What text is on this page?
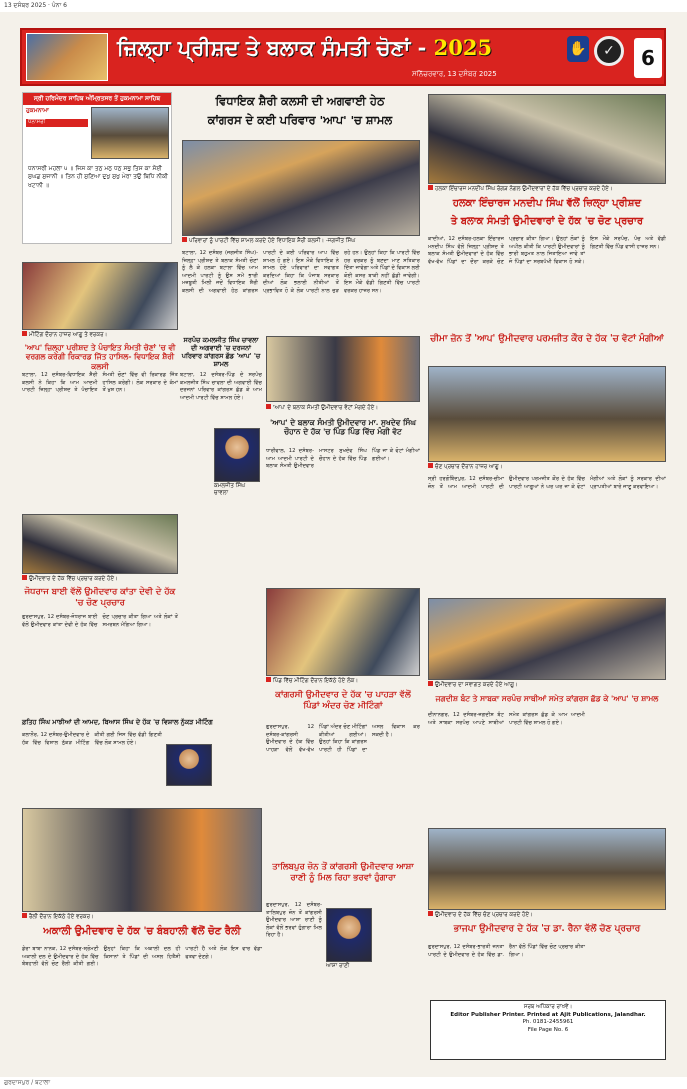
13 ਦਸੰਬਰ 2025 · ਪੰਨਾ 6
ਜ਼ਿਲ੍ਹਾ ਪ੍ਰੀਸ਼ਦ ਤੇ ਬਲਾਕ ਸੰਮਤੀ ਚੋਣਾਂ - 2025
ਸਨਿੱਚਰਵਾਰ, 13 ਦਸੰਬਰ 2025
✋	✓	6
ਸ੍ਰੀ ਹਰਿਮੰਦਰ ਸਾਹਿਬ ਅੰਮ੍ਰਿਤਸਰ ਤੋਂ ਹੁਕਮਨਾਮਾ ਸਾਹਿਬ
ਹੁਕਮਨਾਮਾ
ਧਨਾਸਰੀ
ਧਨਾਸਰੀ ਮਹਲਾ ੫ ॥ ਜਿਸ ਕਾ ਤਨੁ ਮਨੁ ਧਨੁ ਸਭੁ ਤਿਸ ਕਾ ਸੋਈ ਸੁਘੜੁ ਸੁਜਾਨੀ ॥ ਤਿਨ ਹੀ ਸੁਣਿਆ ਦੁਖੁ ਸੁਖੁ ਮੇਰਾ ਤਉ ਬਿਧਿ ਨੀਕੀ ਖਟਾਨੀ ॥
ਵਿਧਾਇਕ ਸ਼ੈਰੀ ਕਲਸੀ ਦੀ ਅਗਵਾਈ ਹੇਠ
ਕਾਂਗਰਸ ਦੇ ਕਈ ਪਰਿਵਾਰ 'ਆਪ' 'ਚ ਸ਼ਾਮਲ
ਪਰਿਵਾਰਾਂ ਨੂੰ ਪਾਰਟੀ ਵਿੱਚ ਸ਼ਾਮਲ ਕਰਦੇ ਹੋਏ ਵਿਧਾਇਕ ਸ਼ੈਰੀ ਕਲਸੀ। -ਜਗਜੀਤ ਸਿੰਘ
ਬਟਾਲਾ, 12 ਦਸੰਬਰ (ਜਗਜੀਤ ਸਿੰਘ)-ਜ਼ਿਲ੍ਹਾ ਪ੍ਰੀਸ਼ਦ ਤੇ ਬਲਾਕ ਸੰਮਤੀ ਚੋਣਾਂ ਨੂੰ ਲੈ ਕੇ ਹਲਕਾ ਬਟਾਲਾ ਵਿੱਚ ਆਮ ਆਦਮੀ ਪਾਰਟੀ ਨੂੰ ਉਸ ਸਮੇਂ ਭਾਰੀ ਮਜ਼ਬੂਤੀ ਮਿਲੀ ਜਦੋਂ ਵਿਧਾਇਕ ਸ਼ੈਰੀ ਕਲਸੀ ਦੀ ਅਗਵਾਈ ਹੇਠ ਕਾਂਗਰਸ ਪਾਰਟੀ ਦੇ ਕਈ ਪਰਿਵਾਰ ਆਪ ਵਿੱਚ ਸ਼ਾਮਲ ਹੋ ਗਏ। ਇਸ ਮੌਕੇ ਵਿਧਾਇਕ ਨੇ ਸ਼ਾਮਲ ਹੋਏ ਪਰਿਵਾਰਾਂ ਦਾ ਸਵਾਗਤ ਕਰਦਿਆਂ ਕਿਹਾ ਕਿ ਪੰਜਾਬ ਸਰਕਾਰ ਦੀਆਂ ਲੋਕ ਭਲਾਈ ਨੀਤੀਆਂ ਤੋਂ ਪ੍ਰਭਾਵਿਤ ਹੋ ਕੇ ਲੋਕ ਪਾਰਟੀ ਨਾਲ ਜੁੜ ਰਹੇ ਹਨ। ਉਨ੍ਹਾਂ ਕਿਹਾ ਕਿ ਪਾਰਟੀ ਵਿੱਚ ਹਰ ਵਰਕਰ ਨੂੰ ਬਣਦਾ ਮਾਣ ਸਤਿਕਾਰ ਦਿੱਤਾ ਜਾਵੇਗਾ ਅਤੇ ਪਿੰਡਾਂ ਦੇ ਵਿਕਾਸ ਲਈ ਕੋਈ ਕਸਰ ਬਾਕੀ ਨਹੀਂ ਛੱਡੀ ਜਾਵੇਗੀ। ਇਸ ਮੌਕੇ ਵੱਡੀ ਗਿਣਤੀ ਵਿੱਚ ਪਾਰਟੀ ਵਰਕਰ ਹਾਜ਼ਰ ਸਨ।
ਹਲਕਾ ਇੰਚਾਰਜ ਮਨਦੀਪ ਸਿੰਘ ਰੰਗੜ ਨੰਗਲ ਉਮੀਦਵਾਰਾਂ ਦੇ ਹੱਕ ਵਿੱਚ ਪ੍ਰਚਾਰ ਕਰਦੇ ਹੋਏ।
ਹਲਕਾ ਇੰਚਾਰਜ ਮਨਦੀਪ ਸਿੰਘ ਵੱਲੋਂ ਜ਼ਿਲ੍ਹਾ ਪ੍ਰੀਸ਼ਦ
ਤੇ ਬਲਾਕ ਸੰਮਤੀ ਉਮੀਦਵਾਰਾਂ ਦੇ ਹੱਕ 'ਚ ਚੋਣ ਪ੍ਰਚਾਰ
ਕਾਦੀਆਂ, 12 ਦਸੰਬਰ-ਹਲਕਾ ਇੰਚਾਰਜ ਮਨਦੀਪ ਸਿੰਘ ਵੱਲੋਂ ਜ਼ਿਲ੍ਹਾ ਪ੍ਰੀਸ਼ਦ ਤੇ ਬਲਾਕ ਸੰਮਤੀ ਉਮੀਦਵਾਰਾਂ ਦੇ ਹੱਕ ਵਿੱਚ ਵੱਖ-ਵੱਖ ਪਿੰਡਾਂ ਦਾ ਦੌਰਾ ਕਰਕੇ ਚੋਣ ਪ੍ਰਚਾਰ ਕੀਤਾ ਗਿਆ। ਉਨ੍ਹਾਂ ਲੋਕਾਂ ਨੂੰ ਅਪੀਲ ਕੀਤੀ ਕਿ ਪਾਰਟੀ ਉਮੀਦਵਾਰਾਂ ਨੂੰ ਭਾਰੀ ਬਹੁਮਤ ਨਾਲ ਜਿਤਾਇਆ ਜਾਵੇ ਤਾਂ ਜੋ ਪਿੰਡਾਂ ਦਾ ਸਰਬਪੱਖੀ ਵਿਕਾਸ ਹੋ ਸਕੇ। ਇਸ ਮੌਕੇ ਸਰਪੰਚ, ਪੰਚ ਅਤੇ ਵੱਡੀ ਗਿਣਤੀ ਵਿੱਚ ਪਿੰਡ ਵਾਸੀ ਹਾਜ਼ਰ ਸਨ।
ਮੀਟਿੰਗ ਦੌਰਾਨ ਹਾਜ਼ਰ ਆਗੂ ਤੇ ਵਰਕਰ।
'ਆਪ' ਜ਼ਿਲ੍ਹਾ ਪ੍ਰੀਸ਼ਦ ਤੇ ਪੰਚਾਇਤ ਸੰਮਤੀ ਚੋਣਾਂ 'ਚ ਵੀ ਵਰਗਲ ਕਰੇਗੀ ਰਿਕਾਰਡ ਜਿੱਤ ਹਾਸਿਲ- ਵਿਧਾਇਕ ਸ਼ੈਰੀ ਕਲਸੀ
ਬਟਾਲਾ, 12 ਦਸੰਬਰ-ਵਿਧਾਇਕ ਸ਼ੈਰੀ ਕਲਸੀ ਨੇ ਕਿਹਾ ਕਿ ਆਮ ਆਦਮੀ ਪਾਰਟੀ ਜ਼ਿਲ੍ਹਾ ਪ੍ਰੀਸ਼ਦ ਤੇ ਪੰਚਾਇਤ ਸੰਮਤੀ ਚੋਣਾਂ ਵਿੱਚ ਵੀ ਰਿਕਾਰਡ ਜਿੱਤ ਹਾਸਿਲ ਕਰੇਗੀ। ਲੋਕ ਸਰਕਾਰ ਦੇ ਕੰਮਾਂ ਤੋਂ ਖੁਸ਼ ਹਨ।
ਸਰਪੰਚ ਕਮਲਜੀਤ ਸਿੰਘ ਚਾਵਲਾ ਦੀ ਅਗਵਾਈ 'ਚ ਦਰਜਨਾਂ ਪਰਿਵਾਰ ਕਾਂਗਰਸ ਛੱਡ 'ਆਪ' 'ਚ ਸ਼ਾਮਲ
ਕਮਲਜੀਤ ਸਿੰਘ ਚਾਵਲਾ
ਬਟਾਲਾ, 12 ਦਸੰਬਰ-ਪਿੰਡ ਦੇ ਸਰਪੰਚ ਕਮਲਜੀਤ ਸਿੰਘ ਚਾਵਲਾ ਦੀ ਅਗਵਾਈ ਵਿੱਚ ਦਰਜਨਾਂ ਪਰਿਵਾਰ ਕਾਂਗਰਸ ਛੱਡ ਕੇ ਆਮ ਆਦਮੀ ਪਾਰਟੀ ਵਿੱਚ ਸ਼ਾਮਲ ਹੋਏ।
'ਆਪ' ਦੇ ਬਲਾਕ ਸੰਮਤੀ ਉਮੀਦਵਾਰ ਵੋਟਾਂ ਮੰਗਦੇ ਹੋਏ।
'ਆਪ' ਦੇ ਬਲਾਕ ਸੰਮਤੀ ਉਮੀਦਵਾਰ ਮਾ. ਸੁਖਦੇਵ ਸਿੰਘ ਚੌਹਾਨ ਦੇ ਹੱਕ 'ਚ ਪਿੰਡ ਪਿੰਡ ਵਿੱਚ ਮੰਗੀ ਵੋਟ
ਧਾਰੀਵਾਲ, 12 ਦਸੰਬਰ-ਆਮ ਆਦਮੀ ਪਾਰਟੀ ਦੇ ਬਲਾਕ ਸੰਮਤੀ ਉਮੀਦਵਾਰ ਮਾਸਟਰ ਸੁਖਦੇਵ ਸਿੰਘ ਚੌਹਾਨ ਦੇ ਹੱਕ ਵਿੱਚ ਪਿੰਡ ਪਿੰਡ ਜਾ ਕੇ ਵੋਟਾਂ ਮੰਗੀਆਂ ਗਈਆਂ।
ਚੀਮਾ ਜ਼ੋਨ ਤੋਂ 'ਆਪ' ਉਮੀਦਵਾਰ ਪਰਮਜੀਤ ਕੌਰ ਦੇ ਹੱਕ 'ਚ ਵੋਟਾਂ ਮੰਗੀਆਂ
ਚੋਣ ਪ੍ਰਚਾਰ ਦੌਰਾਨ ਹਾਜ਼ਰ ਆਗੂ।
ਸ੍ਰੀ ਹਰਗੋਬਿੰਦਪੁਰ, 12 ਦਸੰਬਰ-ਚੀਮਾ ਜ਼ੋਨ ਤੋਂ ਆਮ ਆਦਮੀ ਪਾਰਟੀ ਦੀ ਉਮੀਦਵਾਰ ਪਰਮਜੀਤ ਕੌਰ ਦੇ ਹੱਕ ਵਿੱਚ ਪਾਰਟੀ ਆਗੂਆਂ ਨੇ ਘਰ ਘਰ ਜਾ ਕੇ ਵੋਟਾਂ ਮੰਗੀਆਂ ਅਤੇ ਲੋਕਾਂ ਨੂੰ ਸਰਕਾਰ ਦੀਆਂ ਪ੍ਰਾਪਤੀਆਂ ਬਾਰੇ ਜਾਣੂ ਕਰਵਾਇਆ।
ਉਮੀਦਵਾਰ ਦੇ ਹੱਕ ਵਿੱਚ ਪ੍ਰਚਾਰ ਕਰਦੇ ਹੋਏ।
ਜੋਧਰਾਜ ਬਾਈ ਵੱਲੋਂ ਉਮੀਦਵਾਰ ਕਾਂਤਾ ਦੇਵੀ ਦੇ ਹੱਕ 'ਚ ਚੋਣ ਪ੍ਰਚਾਰ
ਗੁਰਦਾਸਪੁਰ, 12 ਦਸੰਬਰ-ਜੋਧਰਾਜ ਬਾਈ ਵੱਲੋਂ ਉਮੀਦਵਾਰ ਕਾਂਤਾ ਦੇਵੀ ਦੇ ਹੱਕ ਵਿੱਚ ਚੋਣ ਪ੍ਰਚਾਰ ਕੀਤਾ ਗਿਆ ਅਤੇ ਲੋਕਾਂ ਤੋਂ ਸਮਰਥਨ ਮੰਗਿਆ ਗਿਆ।
ਪਿੰਡ ਵਿੱਚ ਮੀਟਿੰਗ ਦੌਰਾਨ ਇਕੱਠੇ ਹੋਏ ਲੋਕ।
ਕਾਂਗਰਸੀ ਉਮੀਦਵਾਰ ਦੇ ਹੱਕ 'ਚ ਪਾਹੜਾ ਵੱਲੋਂ ਪਿੰਡਾਂ ਅੰਦਰ ਚੋਣ ਮੀਟਿੰਗਾਂ
ਗੁਰਦਾਸਪੁਰ, 12 ਦਸੰਬਰ-ਕਾਂਗਰਸੀ ਉਮੀਦਵਾਰ ਦੇ ਹੱਕ ਵਿੱਚ ਪਾਹੜਾ ਵੱਲੋਂ ਵੱਖ-ਵੱਖ ਪਿੰਡਾਂ ਅੰਦਰ ਚੋਣ ਮੀਟਿੰਗਾਂ ਕੀਤੀਆਂ ਗਈਆਂ। ਉਨ੍ਹਾਂ ਕਿਹਾ ਕਿ ਕਾਂਗਰਸ ਪਾਰਟੀ ਹੀ ਪਿੰਡਾਂ ਦਾ ਅਸਲ ਵਿਕਾਸ ਕਰ ਸਕਦੀ ਹੈ।
ਉਮੀਦਵਾਰ ਦਾ ਸਵਾਗਤ ਕਰਦੇ ਹੋਏ ਆਗੂ।
ਜਗਦੀਸ਼ ਬੰਟ ਤੇ ਸਾਬਕਾ ਸਰਪੰਚ ਸਾਥੀਆਂ ਸਮੇਤ ਕਾਂਗਰਸ ਛੱਡ ਕੇ 'ਆਪ' 'ਚ ਸ਼ਾਮਲ
ਦੀਨਾਨਗਰ, 12 ਦਸੰਬਰ-ਜਗਦੀਸ਼ ਬੰਟ ਅਤੇ ਸਾਬਕਾ ਸਰਪੰਚ ਆਪਣੇ ਸਾਥੀਆਂ ਸਮੇਤ ਕਾਂਗਰਸ ਛੱਡ ਕੇ ਆਮ ਆਦਮੀ ਪਾਰਟੀ ਵਿੱਚ ਸ਼ਾਮਲ ਹੋ ਗਏ।
ਫ਼ਤਿਹ ਸਿੰਘ ਮਾਝੀਆਂ ਦੀ ਆਮਦ, ਬਿਆਸ ਸਿੰਘ ਦੇ ਹੱਕ 'ਚ ਵਿਸ਼ਾਲ ਨੁੱਕੜ ਮੀਟਿੰਗ
ਕਲਾਨੌਰ, 12 ਦਸੰਬਰ-ਉਮੀਦਵਾਰ ਦੇ ਹੱਕ ਵਿੱਚ ਵਿਸ਼ਾਲ ਨੁੱਕੜ ਮੀਟਿੰਗ ਕੀਤੀ ਗਈ ਜਿਸ ਵਿੱਚ ਵੱਡੀ ਗਿਣਤੀ ਵਿੱਚ ਲੋਕ ਸ਼ਾਮਲ ਹੋਏ।
ਰੈਲੀ ਦੌਰਾਨ ਇਕੱਠੇ ਹੋਏ ਵਰਕਰ।
ਅਕਾਲੀ ਉਮੀਦਵਾਰ ਦੇ ਹੱਕ 'ਚ ਬੰਬਹਾਲੀ ਵੱਲੋਂ ਚੋਣ ਰੈਲੀ
ਡੇਰਾ ਬਾਬਾ ਨਾਨਕ, 12 ਦਸੰਬਰ-ਸ਼੍ਰੋਮਣੀ ਅਕਾਲੀ ਦਲ ਦੇ ਉਮੀਦਵਾਰ ਦੇ ਹੱਕ ਵਿੱਚ ਬੰਬਹਾਲੀ ਵੱਲੋਂ ਚੋਣ ਰੈਲੀ ਕੀਤੀ ਗਈ। ਉਨ੍ਹਾਂ ਕਿਹਾ ਕਿ ਅਕਾਲੀ ਦਲ ਹੀ ਕਿਸਾਨਾਂ ਤੇ ਪਿੰਡਾਂ ਦੀ ਅਸਲ ਹਿਤੈਸ਼ੀ ਪਾਰਟੀ ਹੈ ਅਤੇ ਲੋਕ ਇਸ ਵਾਰ ਵੱਡਾ ਫਤਵਾ ਦੇਣਗੇ।
ਤਾਲਿਬਪੁਰ ਜ਼ੋਨ ਤੋਂ ਕਾਂਗਰਸੀ ਉਮੀਦਵਾਰ ਆਸ਼ਾ ਰਾਣੀ ਨੂੰ ਮਿਲ ਰਿਹਾ ਭਰਵਾਂ ਹੁੰਗਾਰਾ
ਆਸ਼ਾ ਰਾਣੀ
ਗੁਰਦਾਸਪੁਰ, 12 ਦਸੰਬਰ-ਤਾਲਿਬਪੁਰ ਜ਼ੋਨ ਤੋਂ ਕਾਂਗਰਸੀ ਉਮੀਦਵਾਰ ਆਸ਼ਾ ਰਾਣੀ ਨੂੰ ਲੋਕਾਂ ਵੱਲੋਂ ਭਰਵਾਂ ਹੁੰਗਾਰਾ ਮਿਲ ਰਿਹਾ ਹੈ।
ਉਮੀਦਵਾਰ ਦੇ ਹੱਕ ਵਿੱਚ ਚੋਣ ਪ੍ਰਚਾਰ ਕਰਦੇ ਹੋਏ।
ਭਾਜਪਾ ਉਮੀਦਵਾਰ ਦੇ ਹੱਕ 'ਚ ਡਾ. ਰੈਨਾ ਵੱਲੋਂ ਚੋਣ ਪ੍ਰਚਾਰ
ਗੁਰਦਾਸਪੁਰ, 12 ਦਸੰਬਰ-ਭਾਰਤੀ ਜਨਤਾ ਪਾਰਟੀ ਦੇ ਉਮੀਦਵਾਰ ਦੇ ਹੱਕ ਵਿੱਚ ਡਾ. ਰੈਨਾ ਵੱਲੋਂ ਪਿੰਡਾਂ ਵਿੱਚ ਚੋਣ ਪ੍ਰਚਾਰ ਕੀਤਾ ਗਿਆ।
ਸਰਬ ਅਧਿਕਾਰ ਰਾਖਵੇਂ।
Editor Publisher Printer. Printed at Ajit Publications, Jalandhar.
Ph. 0181-2455961
File Page No. 6
ਗੁਰਦਾਸਪੁਰ / ਬਟਾਲਾ
